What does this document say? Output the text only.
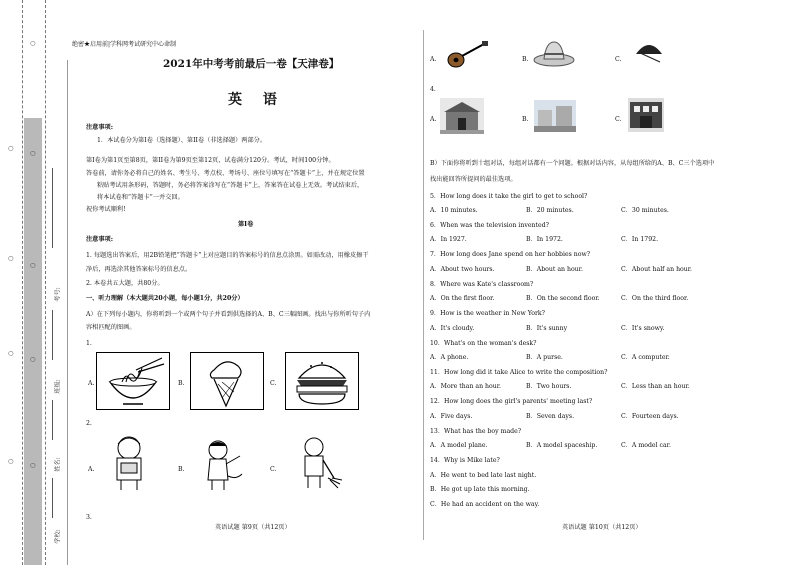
○
○
○
○
○
○
○
○
○
考号:
班级:
姓名:
学校:
绝密★启用前|学科网考试研究中心命制
2021年中考考前最后一卷【天津卷】
英 语
注意事项:
1．本试卷分为第I卷（选择题）、第II卷（非选择题）两部分。
第I卷为第1页至第8页，第II卷为第9页至第12页，试卷满分120分。考试，时间100分钟。
答卷前，请你务必将自己的姓名、考生号、考点校、考场号、座位号填写在“答题卡”上，并在规定位置
粘贴考试用条形码，答题时，务必将答案涂写在“答题卡”上，答案答在试卷上无效。考试结束后，
将本试卷和“答题卡”一并交回。
祝你考试顺利!
第I卷
注意事项:
1. 每题选出答案后，用2B铅笔把“答题卡”上对应题目的答案标号的信息点涂黑。如需改动，用橡皮擦干
净后，再选涂其他答案标号的信息点。
2. 本卷共五大题，共80分。
一、听力理解（本大题共20小题，每小题1分，共20分）
A）在下列每小题内，你将听到一个或两个句子并看到供选择的A、B、C三幅图画。找出与你所听句子内
容相匹配的图画。
1.
A.	B.	C.
2.
A.	B.	C.
3.
英语试题 第9页（共12页）
A.	B.	C.
4.
A.	B.	C.
B）下面你将听到十组对话，每组对话都有一个问题。根据对话内容，从每组所给的A、B、C三个选项中
找出能回答所提问的最佳选项。
5．How long does it take the girl to get to school?
A．10 minutes.	B．20 minutes.	C．30 minutes.
6．When was the television invented?
A．In 1927.	B．In 1972.	C．In 1792.
7．How long does Jane spend on her hobbies now?
A．About two hours.	B．About an hour.	C．About half an hour.
8．Where was Kate's classroom?
A．On the first floor.	B．On the second floor.	C．On the third floor.
9．How is the weather in New York?
A．It's cloudy.	B．It's sunny	C．It's snowy.
10．What's on the woman's desk?
A．A phone.	B．A purse.	C．A computer.
11．How long did it take Alice to write the composition?
A．More than an hour.	B．Two hours.	C．Less than an hour.
12．How long does the girl's parents' meeting last?
A．Five days.	B．Seven days.	C．Fourteen days.
13．What has the boy made?
A．A model plane.	B．A model spaceship.	C．A model car.
14．Why is Mike late?
A．He went to bed late last night.
B．He got up late this morning.
C．He had an accident on the way.
英语试题 第10页（共12页）
